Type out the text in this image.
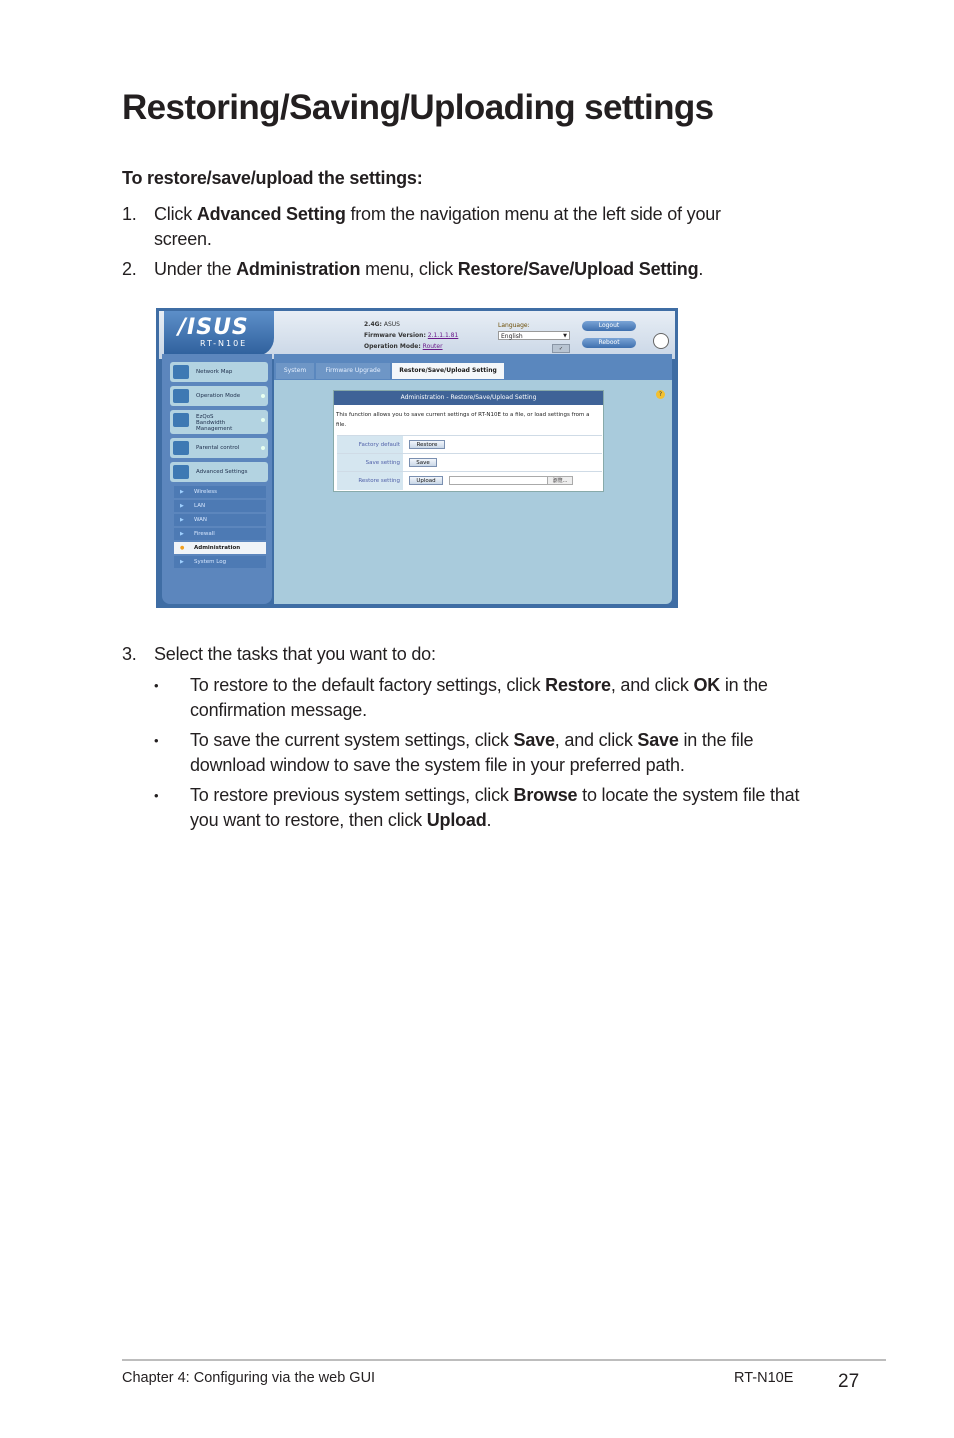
Restoring/Saving/Uploading settings
To restore/save/upload the settings:
1. Click Advanced Setting from the navigation menu at the left side of your
screen.
2. Under the Administration menu, click Restore/Save/Upload Setting.
/ISUS
RT-N10E
2.4G: ASUS
Firmware Version: 2.1.1.1.81
Operation Mode: Router
Language:
English	▼
✓
Logout
Reboot
Network Map
Operation Mode
EzQoS Bandwidth Management
Parental control
Advanced Settings
▶ Wireless
▶ LAN
▶ WAN
▶ Firewall
● Administration
▶ System Log
System	Firmware Upgrade	Restore/Save/Upload Setting
?
Administration - Restore/Save/Upload Setting
This function allows you to save current settings of RT-N10E to a file, or load settings from a file.
Factory default	Restore
Save setting	Save
Restore setting	Upload	瀏覽...
3. Select the tasks that you want to do:
• To restore to the default factory settings, click Restore, and click OK in the
confirmation message.
• To save the current system settings, click Save, and click Save in the file
download window to save the system file in your preferred path.
• To restore previous system settings, click Browse to locate the system file that
you want to restore, then click Upload.
Chapter 4: Configuring via the web GUI	RT-N10E 27
